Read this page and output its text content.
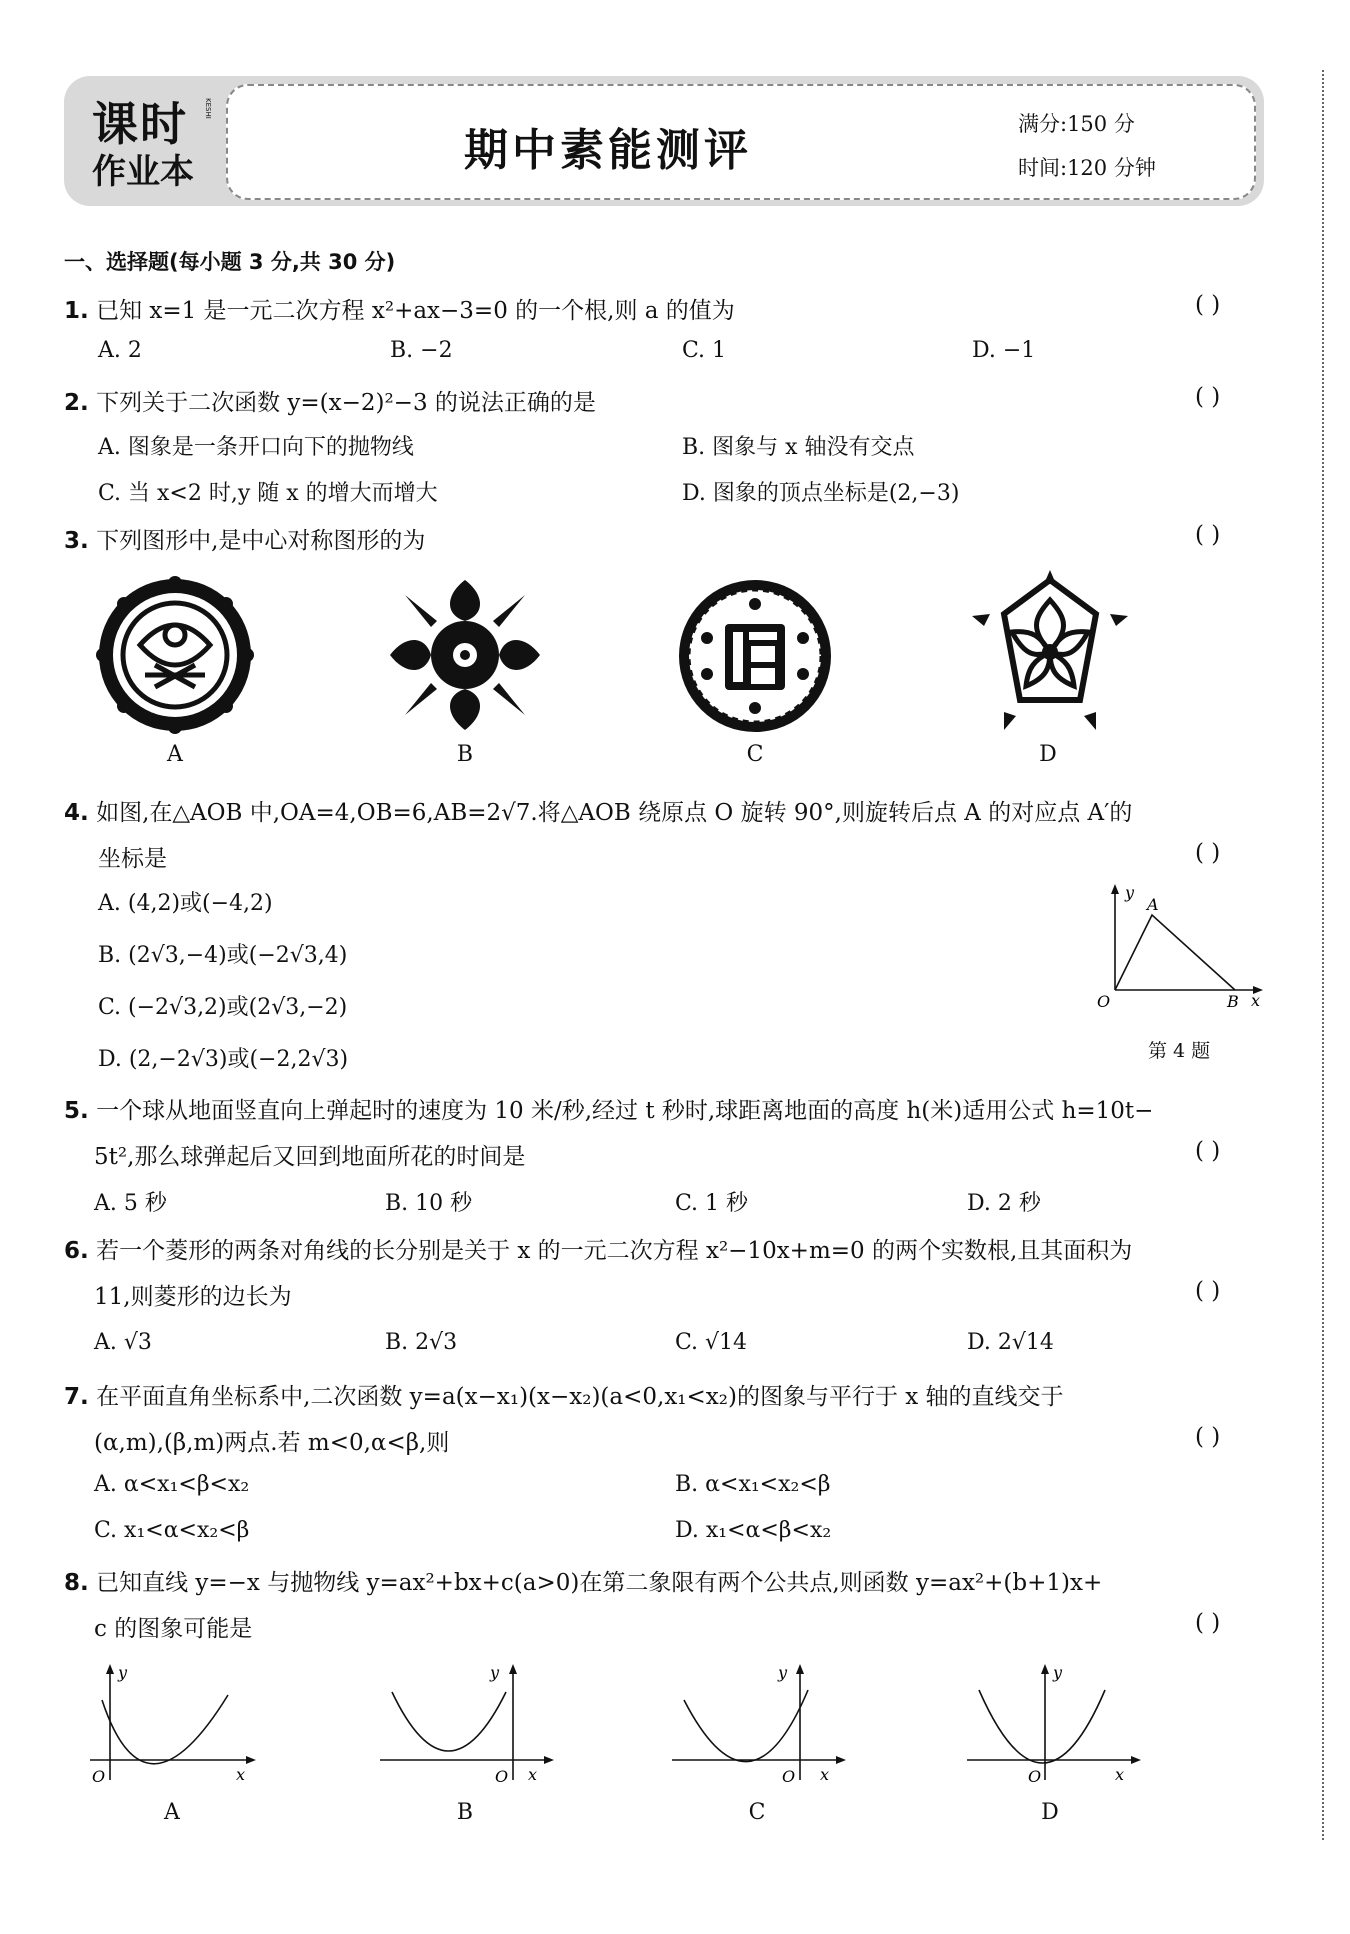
课时 KESHI
作业本	期中素能测评
满分:150 分
时间:120 分钟
一、选择题(每小题 3 分,共 30 分)
1. 已知 x=1 是一元二次方程 x²+ax−3=0 的一个根,则 a 的值为	( )
A. 2	B. −2	C. 1	D. −1
2. 下列关于二次函数 y=(x−2)²−3 的说法正确的是	( )
A. 图象是一条开口向下的抛物线	B. 图象与 x 轴没有交点
C. 当 x<2 时,y 随 x 的增大而增大	D. 图象的顶点坐标是(2,−3)
3. 下列图形中,是中心对称图形的为	( )
A	B	C	D
4. 如图,在△AOB 中,OA=4,OB=6,AB=2√7.将△AOB 绕原点 O 旋转 90°,则旋转后点 A 的对应点 A′的
坐标是	( )
A. (4,2)或(−4,2)
B. (2√3,−4)或(−2√3,4)
C. (−2√3,2)或(2√3,−2)
D. (2,−2√3)或(−2,2√3)
y
A
O	B x
第 4 题
5. 一个球从地面竖直向上弹起时的速度为 10 米/秒,经过 t 秒时,球距离地面的高度 h(米)适用公式 h=10t−
5t²,那么球弹起后又回到地面所花的时间是	( )
A. 5 秒	B. 10 秒	C. 1 秒	D. 2 秒
6. 若一个菱形的两条对角线的长分别是关于 x 的一元二次方程 x²−10x+m=0 的两个实数根,且其面积为
11,则菱形的边长为	( )
A. √3	B. 2√3	C. √14	D. 2√14
7. 在平面直角坐标系中,二次函数 y=a(x−x₁)(x−x₂)(a<0,x₁<x₂)的图象与平行于 x 轴的直线交于
(α,m),(β,m)两点.若 m<0,α<β,则	( )
A. α<x₁<β<x₂	B. α<x₁<x₂<β
C. x₁<α<x₂<β	D. x₁<α<β<x₂
8. 已知直线 y=−x 与抛物线 y=ax²+bx+c(a>0)在第二象限有两个公共点,则函数 y=ax²+(b+1)x+
c 的图象可能是	( )
y
O	x
A
y
O x
B
y
O x
C
y
O	x
D
